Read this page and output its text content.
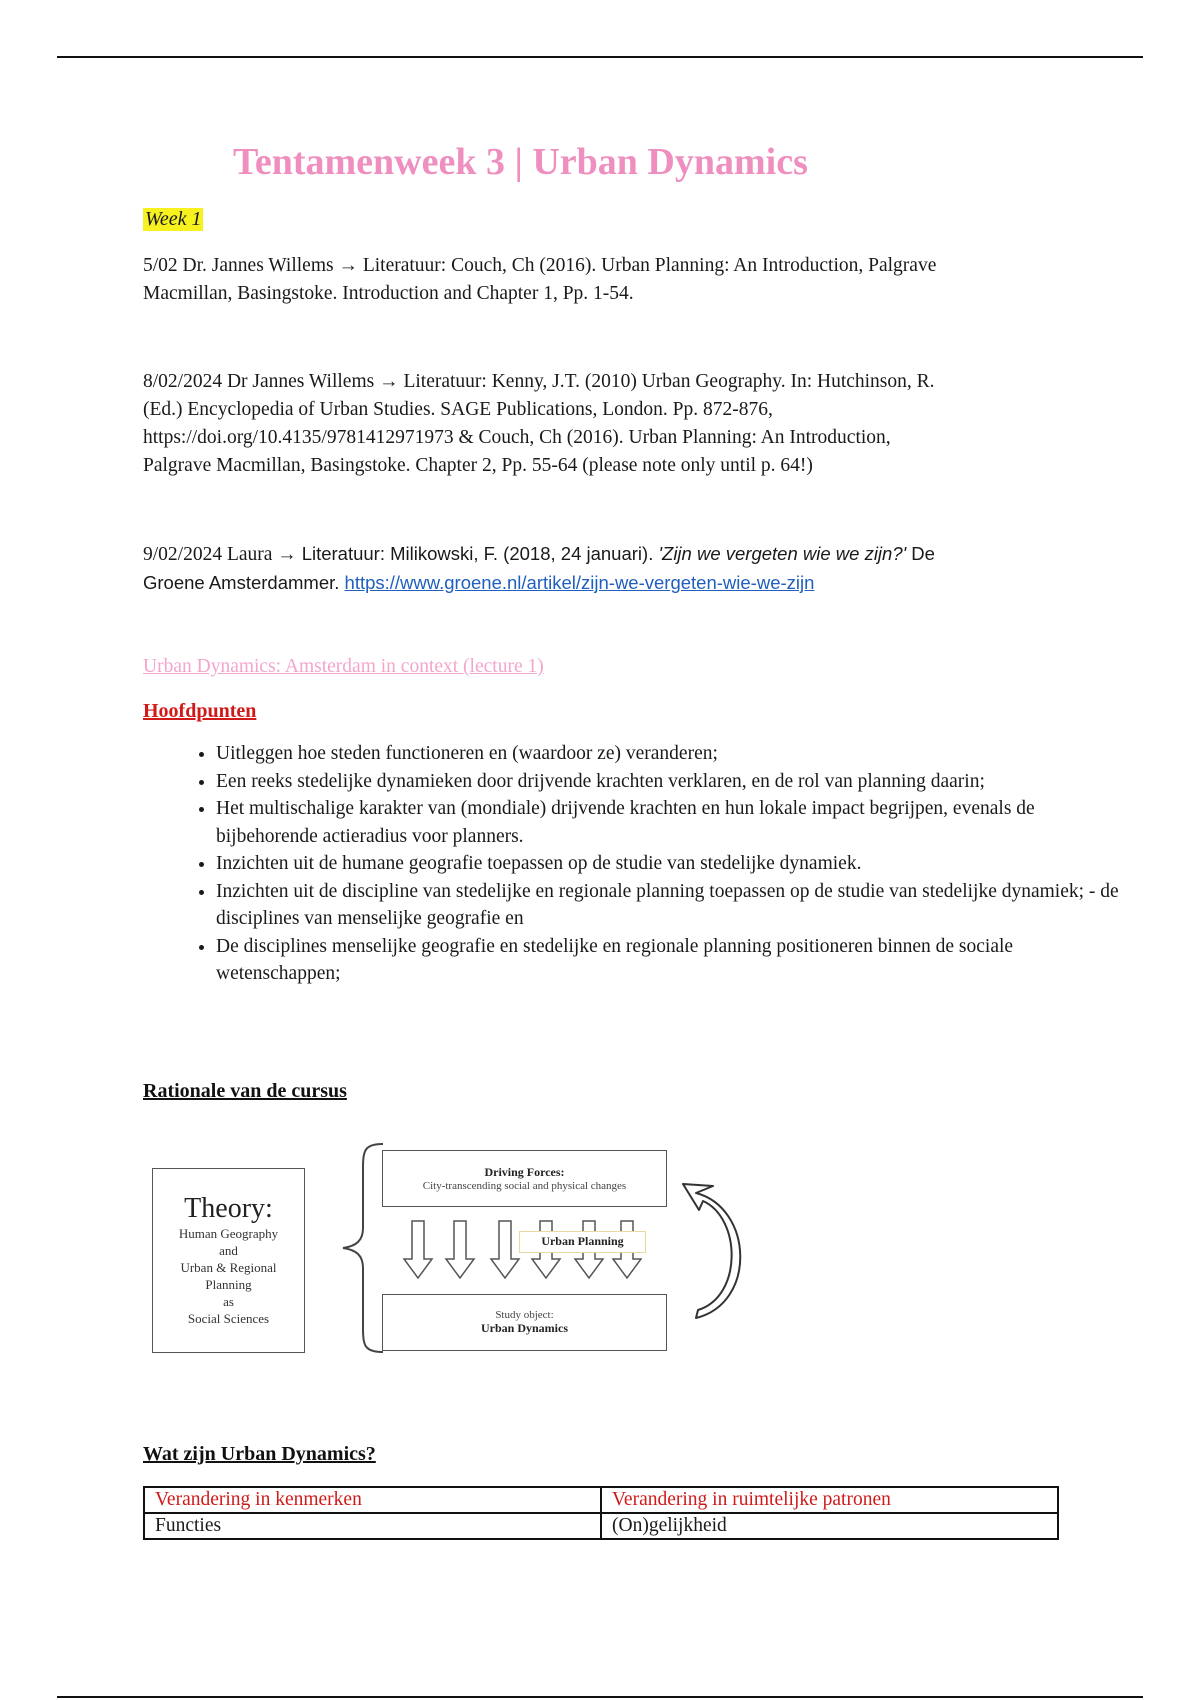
Tentamenweek 3 | Urban Dynamics
Week 1

5/02 Dr. Jannes Willems → Literatuur: Couch, Ch (2016). Urban Planning: An Introduction, Palgrave
Macmillan, Basingstoke. Introduction and Chapter 1, Pp. 1-54.

8/02/2024 Dr Jannes Willems → Literatuur: Kenny, J.T. (2010) Urban Geography. In: Hutchinson, R.
(Ed.) Encyclopedia of Urban Studies. SAGE Publications, London. Pp. 872-876,
https://doi.org/10.4135/9781412971973 & Couch, Ch (2016). Urban Planning: An Introduction,
Palgrave Macmillan, Basingstoke. Chapter 2, Pp. 55-64 (please note only until p. 64!)

9/02/2024 Laura → Literatuur: Milikowski, F. (2018, 24 januari). 'Zijn we vergeten wie we zijn?' De
Groene Amsterdammer. https://www.groene.nl/artikel/zijn-we-vergeten-wie-we-zijn

Urban Dynamics: Amsterdam in context (lecture 1)
Hoofdpunten
• Uitleggen hoe steden functioneren en (waardoor ze) veranderen;
• Een reeks stedelijke dynamieken door drijvende krachten verklaren, en de rol van planning daarin;
• Het multischalige karakter van (mondiale) drijvende krachten en hun lokale impact begrijpen, evenals de bijbehorende actieradius voor planners.
• Inzichten uit de humane geografie toepassen op de studie van stedelijke dynamiek.
• Inzichten uit de discipline van stedelijke en regionale planning toepassen op de studie van stedelijke dynamiek; - de disciplines van menselijke geografie en
• De disciplines menselijke geografie en stedelijke en regionale planning positioneren binnen de sociale wetenschappen;
Rationale van de cursus
Theory:
Human Geography
and
Urban & Regional
Planning
as
Social Sciences
Driving Forces:
City-transcending social and physical changes
Urban Planning
Study object:
Urban Dynamics
Wat zijn Urban Dynamics?
Verandering in kenmerken	Verandering in ruimtelijke patronen
Functies	(On)gelijkheid
